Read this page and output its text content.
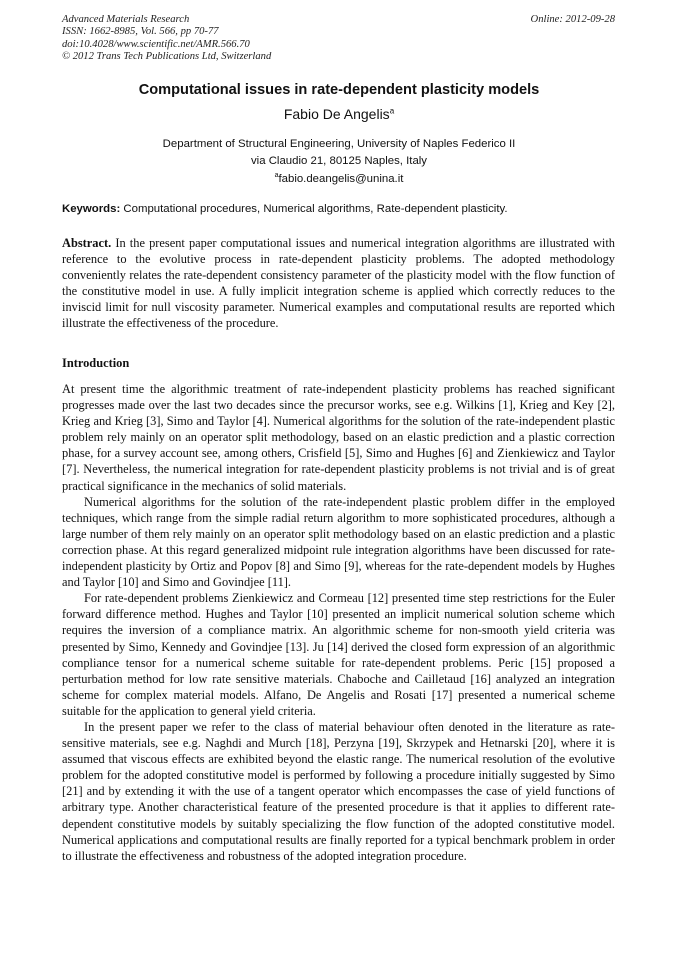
Advanced Materials Research
ISSN: 1662-8985, Vol. 566, pp 70-77
doi:10.4028/www.scientific.net/AMR.566.70
© 2012 Trans Tech Publications Ltd, Switzerland
Online: 2012-09-28
Computational issues in rate-dependent plasticity models
Fabio De Angelis$^a$
Department of Structural Engineering, University of Naples Federico II
via Claudio 21, 80125 Naples, Italy
$^a$fabio.deangelis@unina.it
Keywords: Computational procedures, Numerical algorithms, Rate-dependent plasticity.
Abstract. In the present paper computational issues and numerical integration algorithms are illustrated with reference to the evolutive process in rate-dependent plasticity problems. The adopted methodology conveniently relates the rate-dependent consistency parameter of the plasticity model with the flow function of the constitutive model in use. A fully implicit integration scheme is applied which correctly reduces to the inviscid limit for null viscosity parameter. Numerical examples and computational results are reported which illustrate the effectiveness of the procedure.
Introduction

At present time the algorithmic treatment of rate-independent plasticity problems has reached significant progresses made over the last two decades since the precursor works, see e.g. Wilkins [1], Krieg and Key [2], Krieg and Krieg [3], Simo and Taylor [4]. Numerical algorithms for the solution of the rate-independent plastic problem rely mainly on an operator split methodology, based on an elastic prediction and a plastic correction phase, for a survey account see, among others, Crisfield [5], Simo and Hughes [6] and Zienkiewicz and Taylor [7]. Nevertheless, the numerical integration for rate-dependent plasticity problems is not trivial and is of great practical significance in the mechanics of solid materials.

Numerical algorithms for the solution of the rate-independent plastic problem differ in the employed techniques, which range from the simple radial return algorithm to more sophisticated procedures, although a large number of them rely mainly on an operator split methodology based on an elastic prediction and a plastic correction phase. At this regard generalized midpoint rule integration algorithms have been discussed for rate-independent plasticity by Ortiz and Popov [8] and Simo [9], whereas for the rate-dependent models by Hughes and Taylor [10] and Simo and Govindjee [11].

For rate-dependent problems Zienkiewicz and Cormeau [12] presented time step restrictions for the Euler forward difference method. Hughes and Taylor [10] presented an implicit numerical solution scheme which requires the inversion of a compliance matrix. An algorithmic scheme for non-smooth yield criteria was presented by Simo, Kennedy and Govindjee [13]. Ju [14] derived the closed form expression of an algorithmic compliance tensor for a numerical scheme suitable for rate-dependent problems. Peric [15] proposed a perturbation method for low rate sensitive materials. Chaboche and Cailletaud [16] analyzed an integration scheme for complex material models. Alfano, De Angelis and Rosati [17] presented a numerical scheme suitable for the application to general yield criteria.

In the present paper we refer to the class of material behaviour often denoted in the literature as rate-sensitive materials, see e.g. Naghdi and Murch [18], Perzyna [19], Skrzypek and Hetnarski [20], where it is assumed that viscous effects are exhibited beyond the elastic range. The numerical resolution of the evolutive problem for the adopted constitutive model is performed by following a procedure initially suggested by Simo [21] and by extending it with the use of a tangent operator which encompasses the case of yield functions of arbitrary type. Another characteristical feature of the presented procedure is that it applies to different rate-dependent constitutive models by suitably specializing the flow function of the adopted constitutive model. Numerical applications and computational results are finally reported for a typical benchmark problem in order to illustrate the effectiveness and robustness of the adopted integration procedure.
